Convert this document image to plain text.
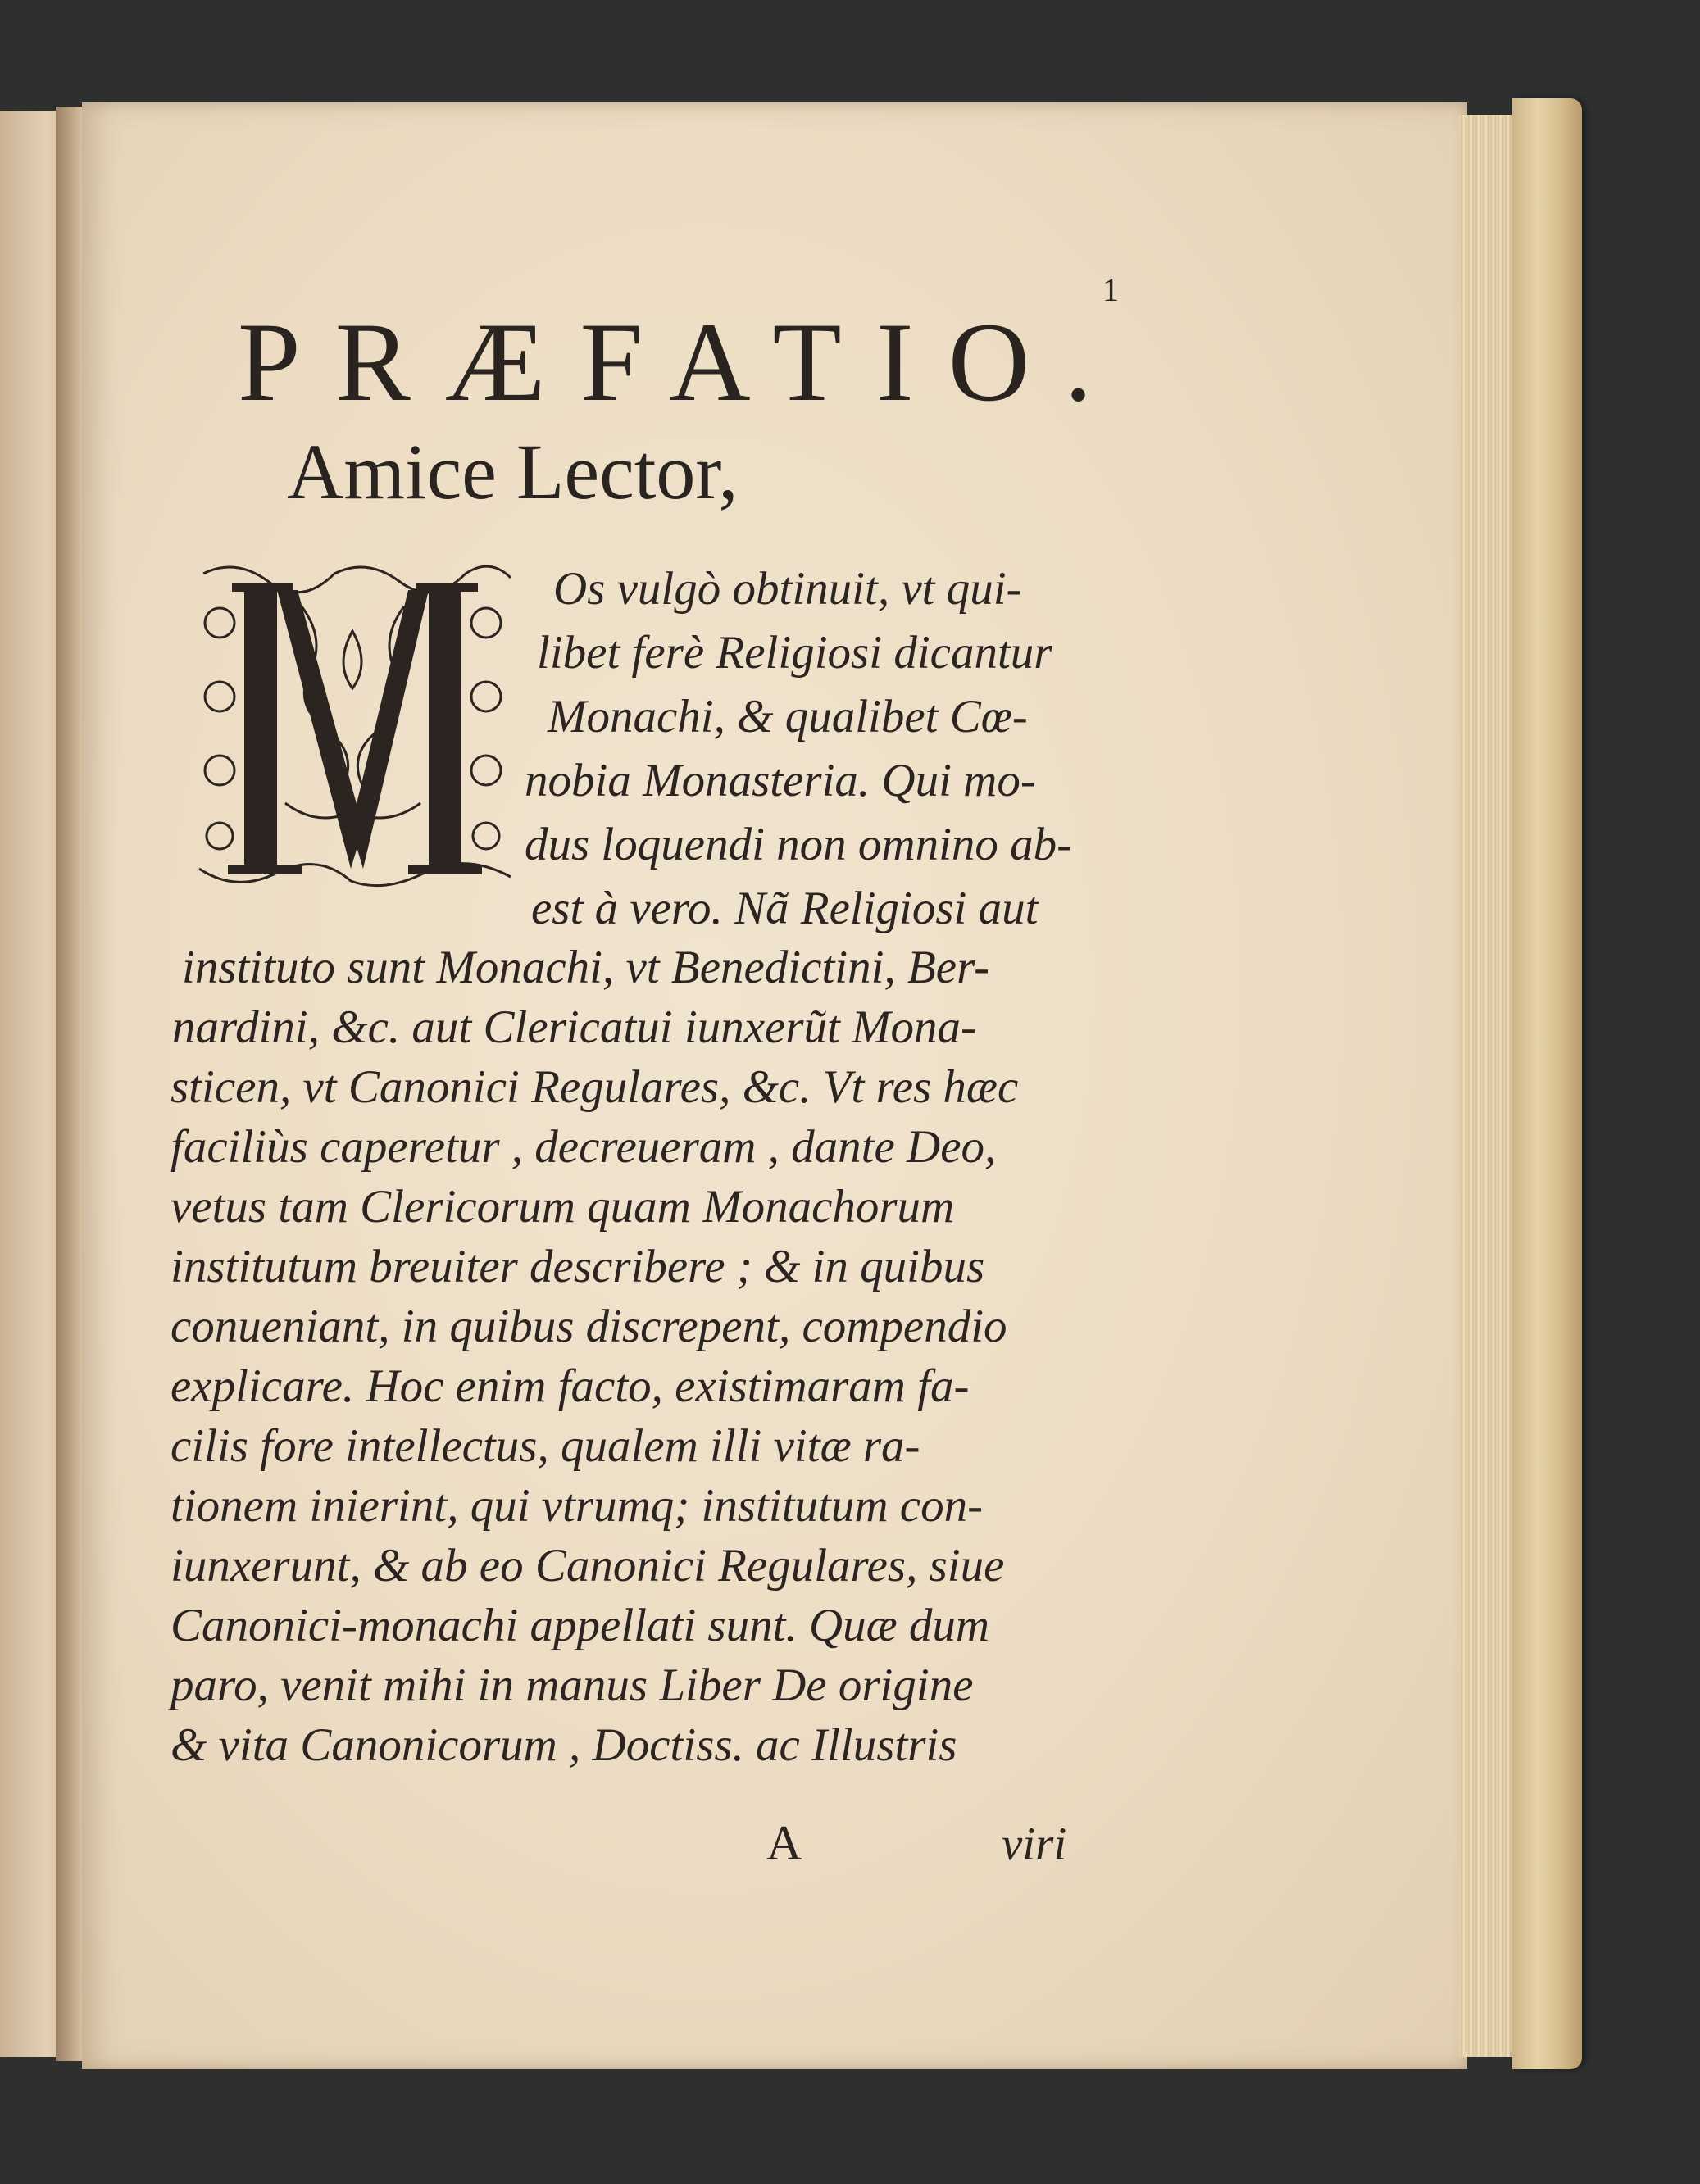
1
PRÆFATIO.
Amice Lector,
Os vulgò obtinuit, vt qui-
libet ferè Religiosi dicantur
Monachi, & qualibet Cœ-
nobia Monasteria. Qui mo-
dus loquendi non omnino ab-
est à vero. Nã Religiosi aut
instituto sunt Monachi, vt Benedictini, Ber-
nardini, &c. aut Clericatui iunxerũt Mona-
sticen, vt Canonici Regulares, &c. Vt res hæc
faciliùs caperetur , decreueram , dante Deo,
vetus tam Clericorum quam Monachorum
institutum breuiter describere ; & in quibus
conueniant, in quibus discrepent, compendio
explicare. Hoc enim facto, existimaram fa-
cilis fore intellectus, qualem illi vitæ ra-
tionem inierint, qui vtrumq; institutum con-
iunxerunt, & ab eo Canonici Regulares, siue
Canonici-monachi appellati sunt. Quæ dum
paro, venit mihi in manus Liber De origine
& vita Canonicorum , Doctiss. ac Illustris
A	viri
